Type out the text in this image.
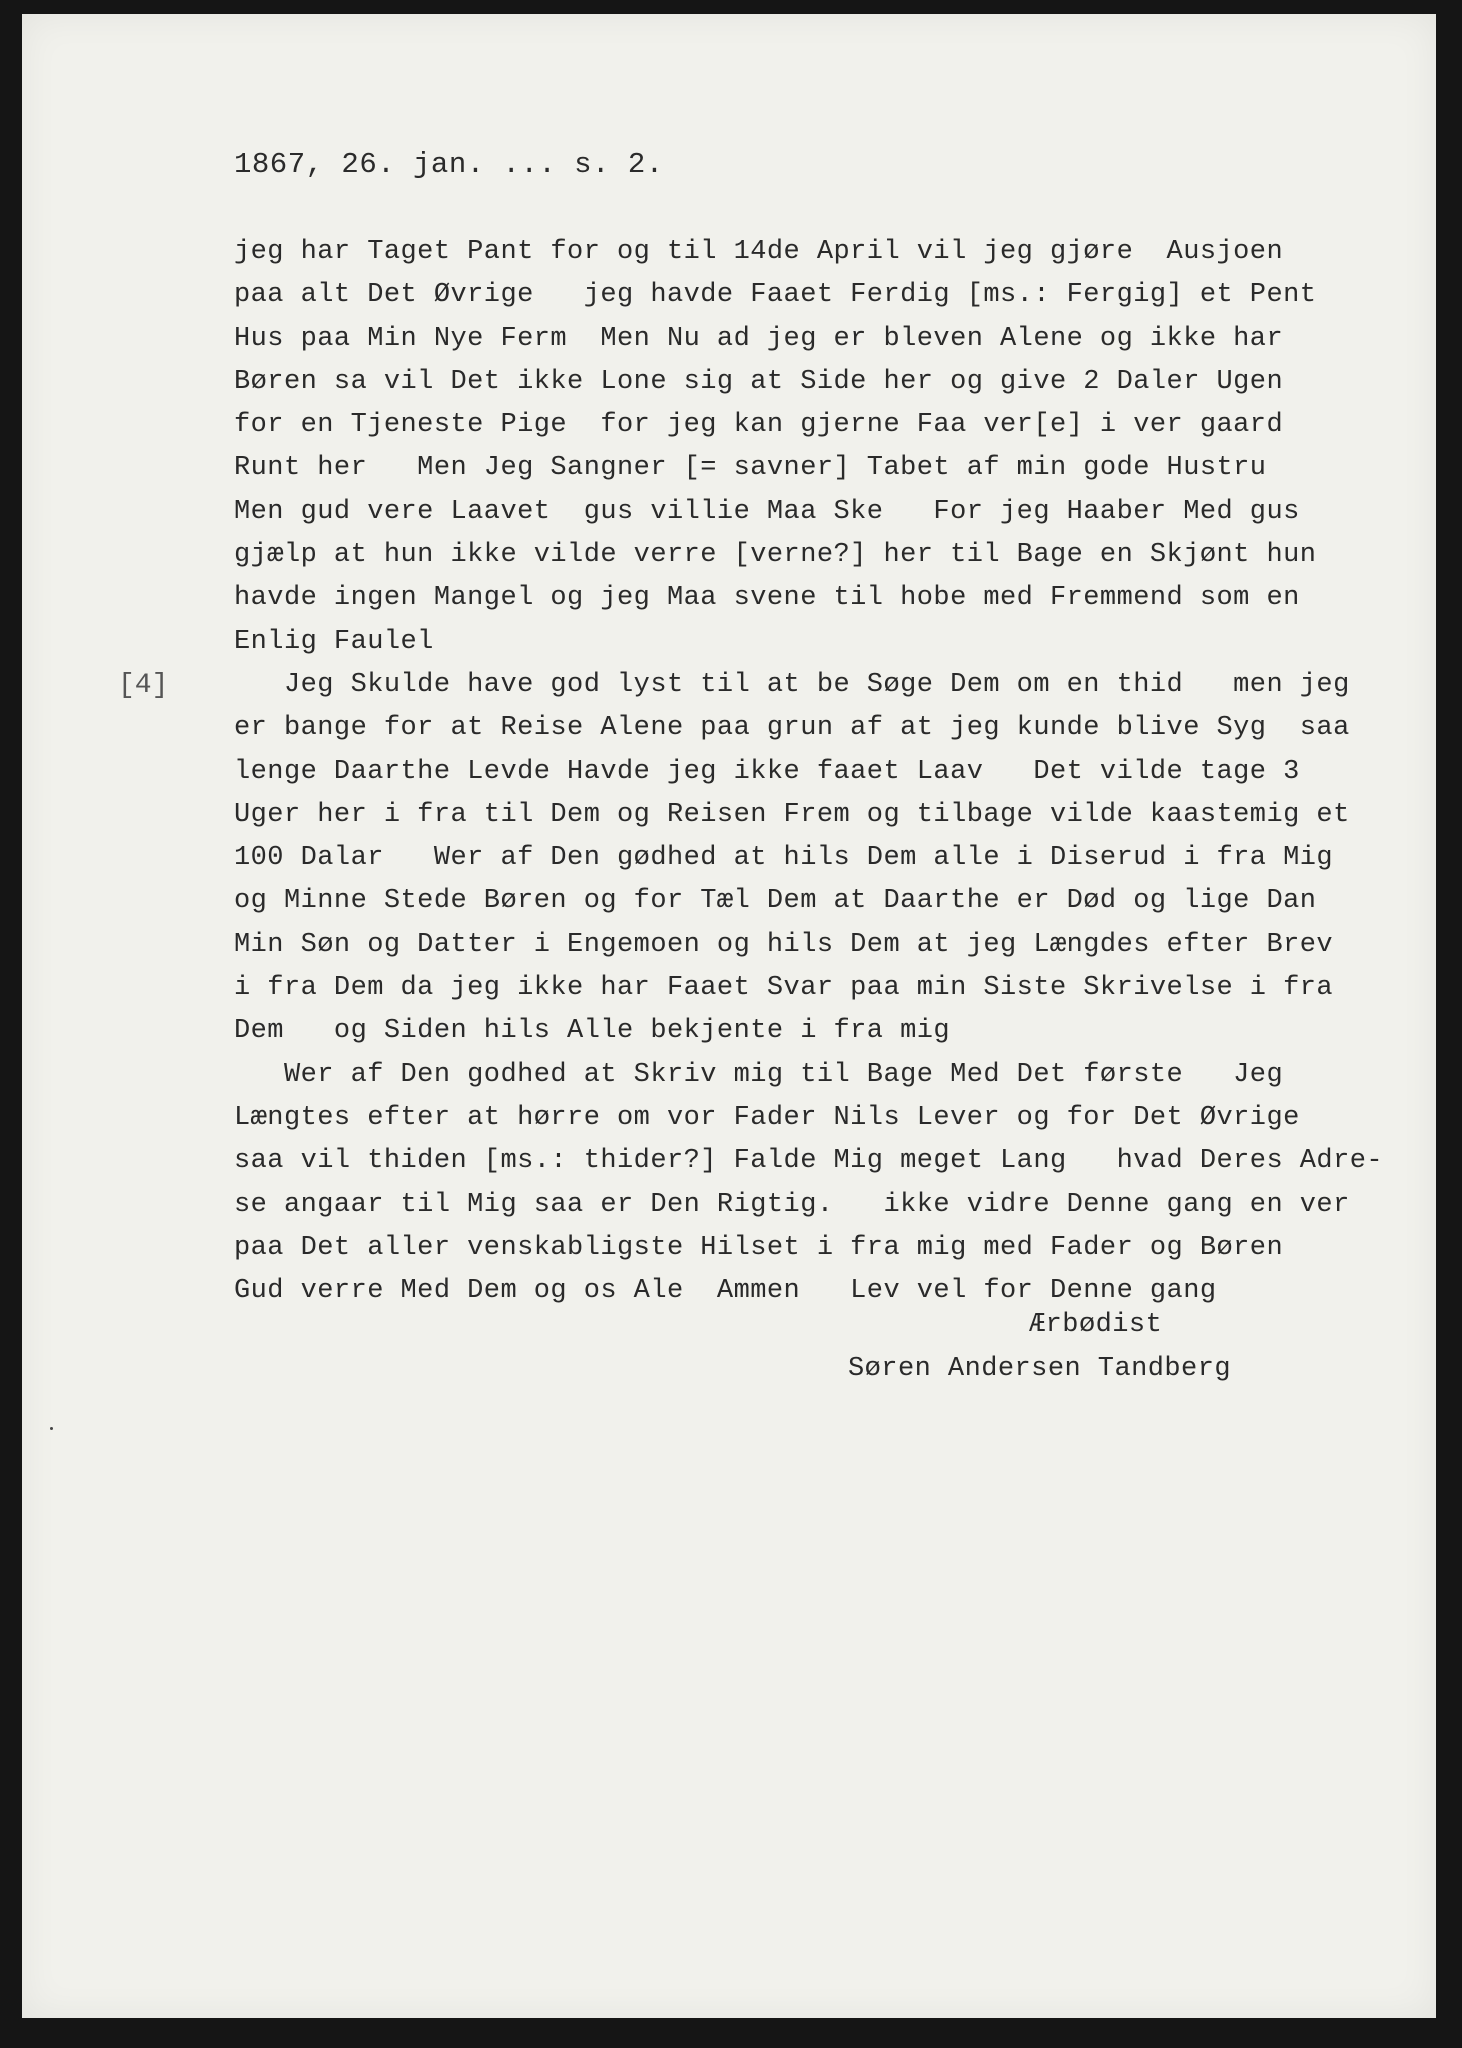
1867, 26. jan. ... s. 2.
[4]
jeg har Taget Pant for og til 14de April vil jeg gjøre  Ausjoen
paa alt Det Øvrige   jeg havde Faaet Ferdig [ms.: Fergig] et Pent
Hus paa Min Nye Ferm  Men Nu ad jeg er bleven Alene og ikke har
Børen sa vil Det ikke Lone sig at Side her og give 2 Daler Ugen
for en Tjeneste Pige  for jeg kan gjerne Faa ver[e] i ver gaard
Runt her   Men Jeg Sangner [= savner] Tabet af min gode Hustru
Men gud vere Laavet  gus villie Maa Ske   For jeg Haaber Med gus
gjælp at hun ikke vilde verre [verne?] her til Bage en Skjønt hun
havde ingen Mangel og jeg Maa svene til hobe med Fremmend som en
Enlig Faulel
Jeg Skulde have god lyst til at be Søge Dem om en thid   men jeg
er bange for at Reise Alene paa grun af at jeg kunde blive Syg  saa
lenge Daarthe Levde Havde jeg ikke faaet Laav   Det vilde tage 3
Uger her i fra til Dem og Reisen Frem og tilbage vilde kaastemig et
100 Dalar   Wer af Den gødhed at hils Dem alle i Diserud i fra Mig
og Minne Stede Børen og for Tæl Dem at Daarthe er Død og lige Dan
Min Søn og Datter i Engemoen og hils Dem at jeg Længdes efter Brev
i fra Dem da jeg ikke har Faaet Svar paa min Siste Skrivelse i fra
Dem   og Siden hils Alle bekjente i fra mig
Wer af Den godhed at Skriv mig til Bage Med Det første   Jeg
Længtes efter at hørre om vor Fader Nils Lever og for Det Øvrige
saa vil thiden [ms.: thider?] Falde Mig meget Lang   hvad Deres Adre-
se angaar til Mig saa er Den Rigtig.   ikke vidre Denne gang en ver
paa Det aller venskabligste Hilset i fra mig med Fader og Børen
Gud verre Med Dem og os Ale  Ammen   Lev vel for Denne gang
Ærbødist
Søren Andersen Tandberg
